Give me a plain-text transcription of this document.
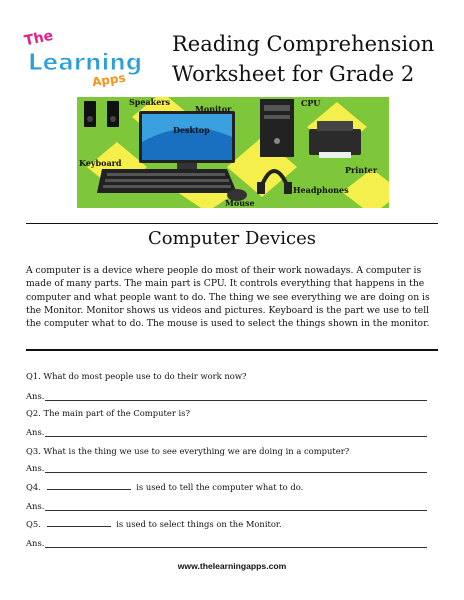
The
Learning
Apps
Reading Comprehension
Worksheet for Grade 2
Speakers
Monitor
CPU
Desktop
Keyboard
Printer
Headphones
Mouse
Computer Devices
A computer is a device where people do most of their work nowadays. A computer is made of many parts. The main part is CPU. It controls everything that happens in the computer and what people want to do. The thing we see everything we are doing on is the Monitor. Monitor shows us videos and pictures. Keyboard is the part we use to tell the computer what to do. The mouse is used to select the things shown in the monitor.
Q1. What do most people use to do their work now?
Ans.
Q2. The main part of the Computer is?
Ans.
Q3. What is the thing we use to see everything we are doing in a computer?
Ans.
Q4.	is used to tell the computer what to do.
Ans.
Q5.	is used to select things on the Monitor.
Ans.
www.thelearningapps.com
